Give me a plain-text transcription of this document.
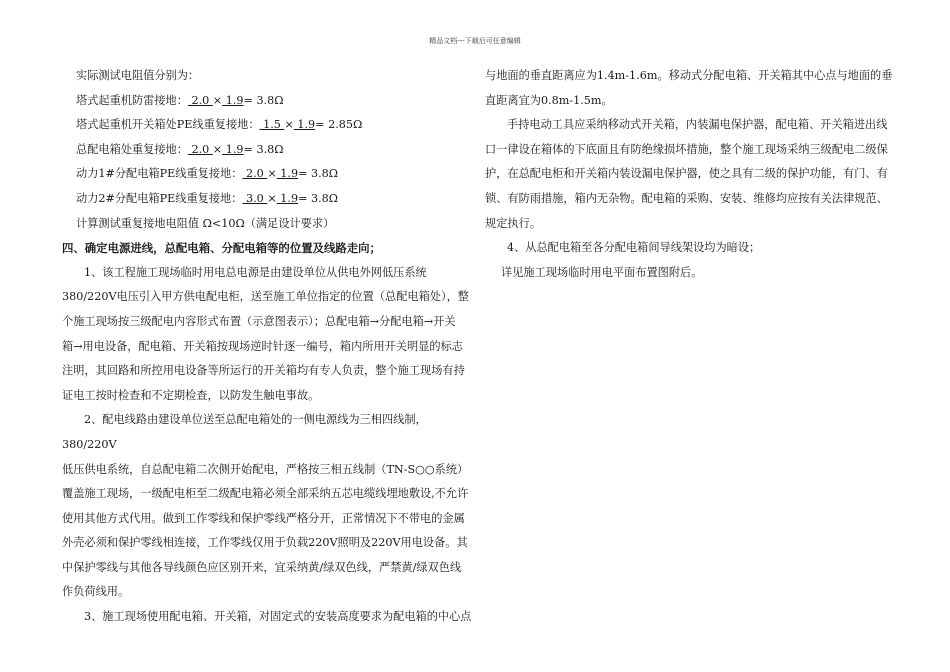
精品文档---下载后可任意编辑

实际测试电阻值分别为：

塔式起重机防雷接地： 2.0 × 1.9= 3.8Ω

塔式起重机开关箱处PE线重复接地： 1.5 × 1.9= 2.85Ω

总配电箱处重复接地： 2.0 × 1.9= 3.8Ω

动力1#分配电箱PE线重复接地： 2.0 × 1.9= 3.8Ω

动力2#分配电箱PE线重复接地： 3.0 × 1.9= 3.8Ω

计算测试重复接地电阻值 Ω<10Ω（满足设计要求）

四、确定电源进线，总配电箱、分配电箱等的位置及线路走向；

1、该工程施工现场临时用电总电源是由建设单位从供电外网低压系统

380/220V电压引入甲方供电配电柜，送至施工单位指定的位置（总配电箱处），整

个施工现场按三级配电内容形式布置（示意图表示）；总配电箱→分配电箱→开关

箱→用电设备，配电箱、开关箱按现场逆时针逐一编号，箱内所用开关明显的标志

注明，其回路和所控用电设备等所运行的开关箱均有专人负责，整个施工现场有持

证电工按时检查和不定期检查，以防发生触电事故。

2、配电线路由建设单位送至总配电箱处的一侧电源线为三相四线制，380/220V

低压供电系统，自总配电箱二次侧开始配电，严格按三相五线制（TN-S○○系统）

覆盖施工现场，一级配电柜至二级配电箱必须全部采纳五芯电缆线埋地敷设,不允许

使用其他方式代用。做到工作零线和保护零线严格分开，正常情况下不带电的金属

外壳必须和保护零线相连接，工作零线仅用于负载220V照明及220V用电设备。其

中保护零线与其他各导线颜色应区别开来，宜采纳黄/绿双色线，严禁黄/绿双色线

作负荷线用。

3、施工现场使用配电箱、开关箱，对固定式的安装高度要求为配电箱的中心点

与地面的垂直距离应为1.4m-1.6m。移动式分配电箱、开关箱其中心点与地面的垂

直距离宜为0.8m-1.5m。

手持电动工具应采纳移动式开关箱，内装漏电保护器，配电箱、开关箱进出线

口一律设在箱体的下底面且有防绝缘损坏措施，整个施工现场采纳三级配电二级保

护，在总配电柜和开关箱内装设漏电保护器，使之具有二级的保护功能，有门、有

锁、有防雨措施，箱内无杂物。配电箱的采购、安装、维修均应按有关法律规范、

规定执行。

4、从总配电箱至各分配电箱间导线架设均为暗设；

详见施工现场临时用电平面布置图附后。
